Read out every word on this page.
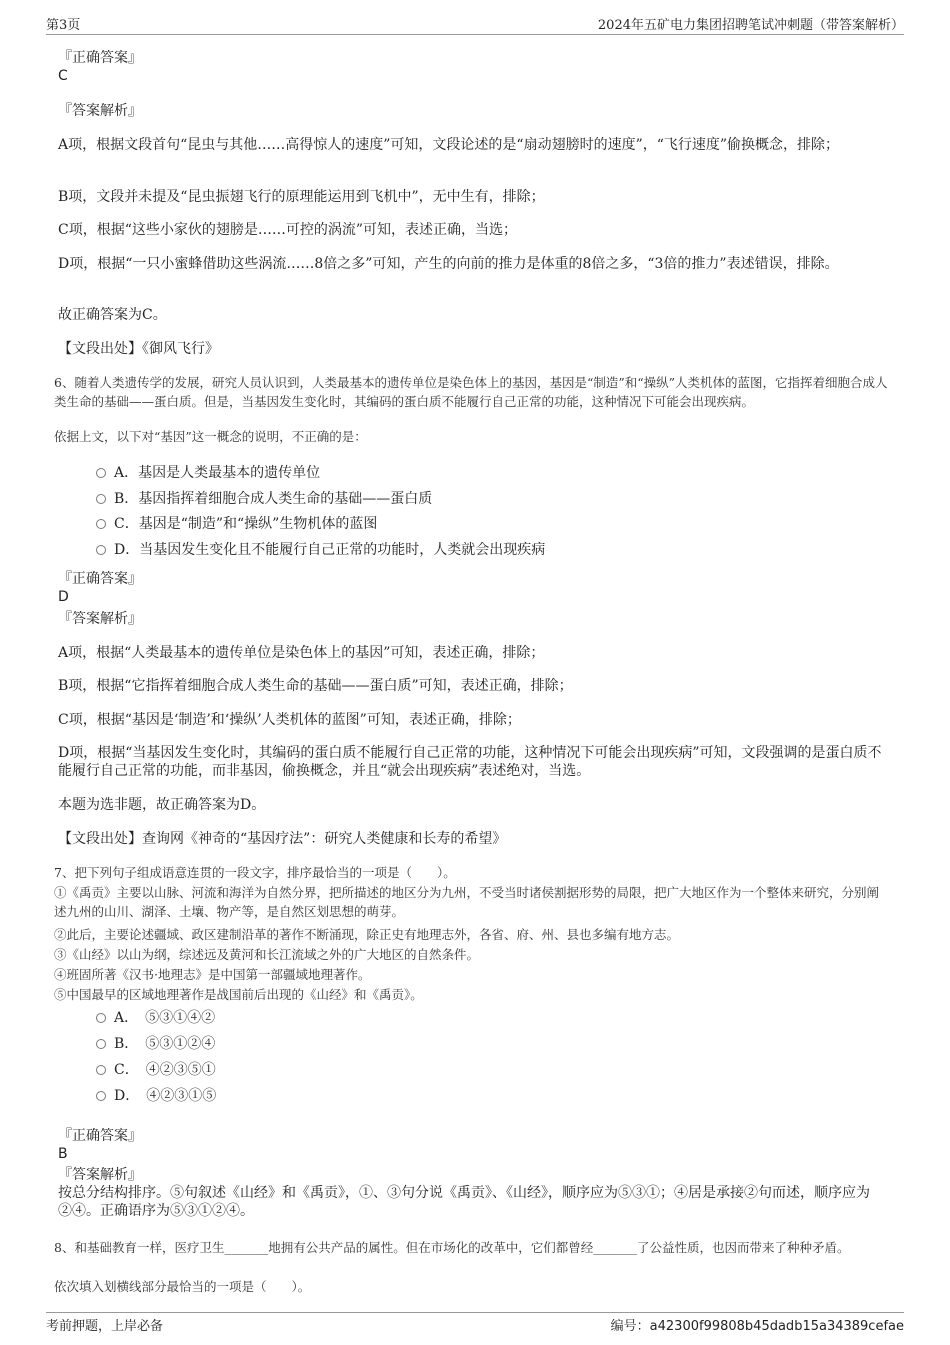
第3页	2024年五矿电力集团招聘笔试冲刺题（带答案解析）

『正确答案』

C

『答案解析』

A项，根据文段首句“昆虫与其他……高得惊人的速度”可知，文段论述的是“扇动翅膀时的速度”，“飞行速度”偷换概念，排除；

B项，文段并未提及“昆虫振翅飞行的原理能运用到飞机中”，无中生有，排除；

C项，根据“这些小家伙的翅膀是……可控的涡流”可知，表述正确，当选；

D项，根据“一只小蜜蜂借助这些涡流……8倍之多”可知，产生的向前的推力是体重的8倍之多，“3倍的推力”表述错误，排除。

故正确答案为C。

【文段出处】《御风飞行》

6、随着人类遗传学的发展，研究人员认识到，人类最基本的遗传单位是染色体上的基因，基因是“制造”和“操纵”人类机体的蓝图，它指挥着细胞合成人类生命的基础——蛋白质。但是，当基因发生变化时，其编码的蛋白质不能履行自己正常的功能，这种情况下可能会出现疾病。

依据上文，以下对“基因”这一概念的说明，不正确的是：

A．基因是人类最基本的遗传单位
B．基因指挥着细胞合成人类生命的基础——蛋白质
C．基因是“制造”和“操纵”生物机体的蓝图
D．当基因发生变化且不能履行自己正常的功能时，人类就会出现疾病

『正确答案』

D

『答案解析』

A项，根据“人类最基本的遗传单位是染色体上的基因”可知，表述正确，排除；

B项，根据“它指挥着细胞合成人类生命的基础——蛋白质”可知，表述正确，排除；

C项，根据“基因是‘制造’和‘操纵’人类机体的蓝图”可知，表述正确，排除；

D项，根据“当基因发生变化时，其编码的蛋白质不能履行自己正常的功能，这种情况下可能会出现疾病”可知，文段强调的是蛋白质不能履行自己正常的功能，而非基因，偷换概念，并且“就会出现疾病”表述绝对，当选。

本题为选非题，故正确答案为D。

【文段出处】查询网《神奇的“基因疗法”：研究人类健康和长寿的希望》

7、把下列句子组成语意连贯的一段文字，排序最恰当的一项是（　　）。

①《禹贡》主要以山脉、河流和海洋为自然分界，把所描述的地区分为九州，不受当时诸侯割据形势的局限，把广大地区作为一个整体来研究，分别阐述九州的山川、湖泽、土壤、物产等，是自然区划思想的萌芽。

②此后，主要论述疆域、政区建制沿革的著作不断涌现，除正史有地理志外，各省、府、州、县也多编有地方志。

③《山经》以山为纲，综述远及黄河和长江流域之外的广大地区的自然条件。

④班固所著《汉书·地理志》是中国第一部疆域地理著作。

⑤中国最早的区域地理著作是战国前后出现的《山经》和《禹贡》。

A．　⑤③①④②
B．　⑤③①②④
C．　④②③⑤①
D．　④②③①⑤

『正确答案』

B

『答案解析』

按总分结构排序。⑤句叙述《山经》和《禹贡》，①、③句分说《禹贡》、《山经》，顺序应为⑤③①；④居是承接②句而述，顺序应为②④。正确语序为⑤③①②④。

8、和基础教育一样，医疗卫生_______地拥有公共产品的属性。但在市场化的改革中，它们都曾经_______了公益性质，也因而带来了种种矛盾。

依次填入划横线部分最恰当的一项是（　　）。

考前押题，上岸必备	编号：a42300f99808b45dadb15a34389cefae
